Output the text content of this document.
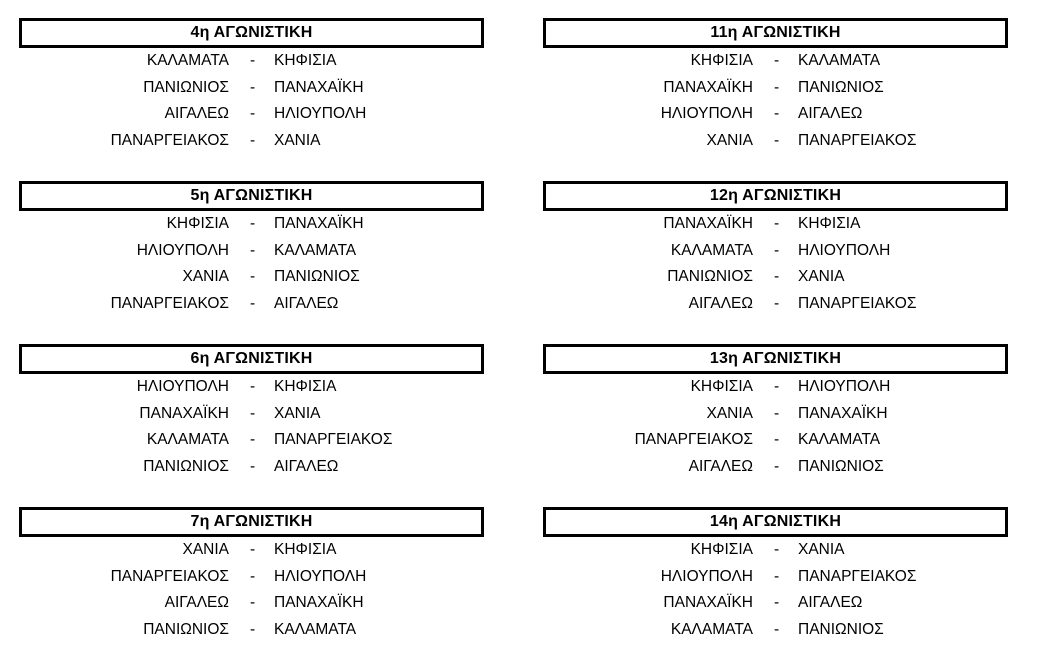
4η ΑΓΩΝΙΣΤΙΚΗ
ΚΑΛΑΜΑΤΑ - ΚΗΦΙΣΙΑ
ΠΑΝΙΩΝΙΟΣ - ΠΑΝΑΧΑΪΚΗ
ΑΙΓΑΛΕΩ - ΗΛΙΟΥΠΟΛΗ
ΠΑΝΑΡΓΕΙΑΚΟΣ - ΧΑΝΙΑ
11η ΑΓΩΝΙΣΤΙΚΗ
ΚΗΦΙΣΙΑ - ΚΑΛΑΜΑΤΑ
ΠΑΝΑΧΑΪΚΗ - ΠΑΝΙΩΝΙΟΣ
ΗΛΙΟΥΠΟΛΗ - ΑΙΓΑΛΕΩ
ΧΑΝΙΑ - ΠΑΝΑΡΓΕΙΑΚΟΣ
5η ΑΓΩΝΙΣΤΙΚΗ
ΚΗΦΙΣΙΑ - ΠΑΝΑΧΑΪΚΗ
ΗΛΙΟΥΠΟΛΗ - ΚΑΛΑΜΑΤΑ
ΧΑΝΙΑ - ΠΑΝΙΩΝΙΟΣ
ΠΑΝΑΡΓΕΙΑΚΟΣ - ΑΙΓΑΛΕΩ
12η ΑΓΩΝΙΣΤΙΚΗ
ΠΑΝΑΧΑΪΚΗ - ΚΗΦΙΣΙΑ
ΚΑΛΑΜΑΤΑ - ΗΛΙΟΥΠΟΛΗ
ΠΑΝΙΩΝΙΟΣ - ΧΑΝΙΑ
ΑΙΓΑΛΕΩ - ΠΑΝΑΡΓΕΙΑΚΟΣ
6η ΑΓΩΝΙΣΤΙΚΗ
ΗΛΙΟΥΠΟΛΗ - ΚΗΦΙΣΙΑ
ΠΑΝΑΧΑΪΚΗ - ΧΑΝΙΑ
ΚΑΛΑΜΑΤΑ - ΠΑΝΑΡΓΕΙΑΚΟΣ
ΠΑΝΙΩΝΙΟΣ - ΑΙΓΑΛΕΩ
13η ΑΓΩΝΙΣΤΙΚΗ
ΚΗΦΙΣΙΑ - ΗΛΙΟΥΠΟΛΗ
ΧΑΝΙΑ - ΠΑΝΑΧΑΪΚΗ
ΠΑΝΑΡΓΕΙΑΚΟΣ - ΚΑΛΑΜΑΤΑ
ΑΙΓΑΛΕΩ - ΠΑΝΙΩΝΙΟΣ
7η ΑΓΩΝΙΣΤΙΚΗ
ΧΑΝΙΑ - ΚΗΦΙΣΙΑ
ΠΑΝΑΡΓΕΙΑΚΟΣ - ΗΛΙΟΥΠΟΛΗ
ΑΙΓΑΛΕΩ - ΠΑΝΑΧΑΪΚΗ
ΠΑΝΙΩΝΙΟΣ - ΚΑΛΑΜΑΤΑ
14η ΑΓΩΝΙΣΤΙΚΗ
ΚΗΦΙΣΙΑ - ΧΑΝΙΑ
ΗΛΙΟΥΠΟΛΗ - ΠΑΝΑΡΓΕΙΑΚΟΣ
ΠΑΝΑΧΑΪΚΗ - ΑΙΓΑΛΕΩ
ΚΑΛΑΜΑΤΑ - ΠΑΝΙΩΝΙΟΣ
